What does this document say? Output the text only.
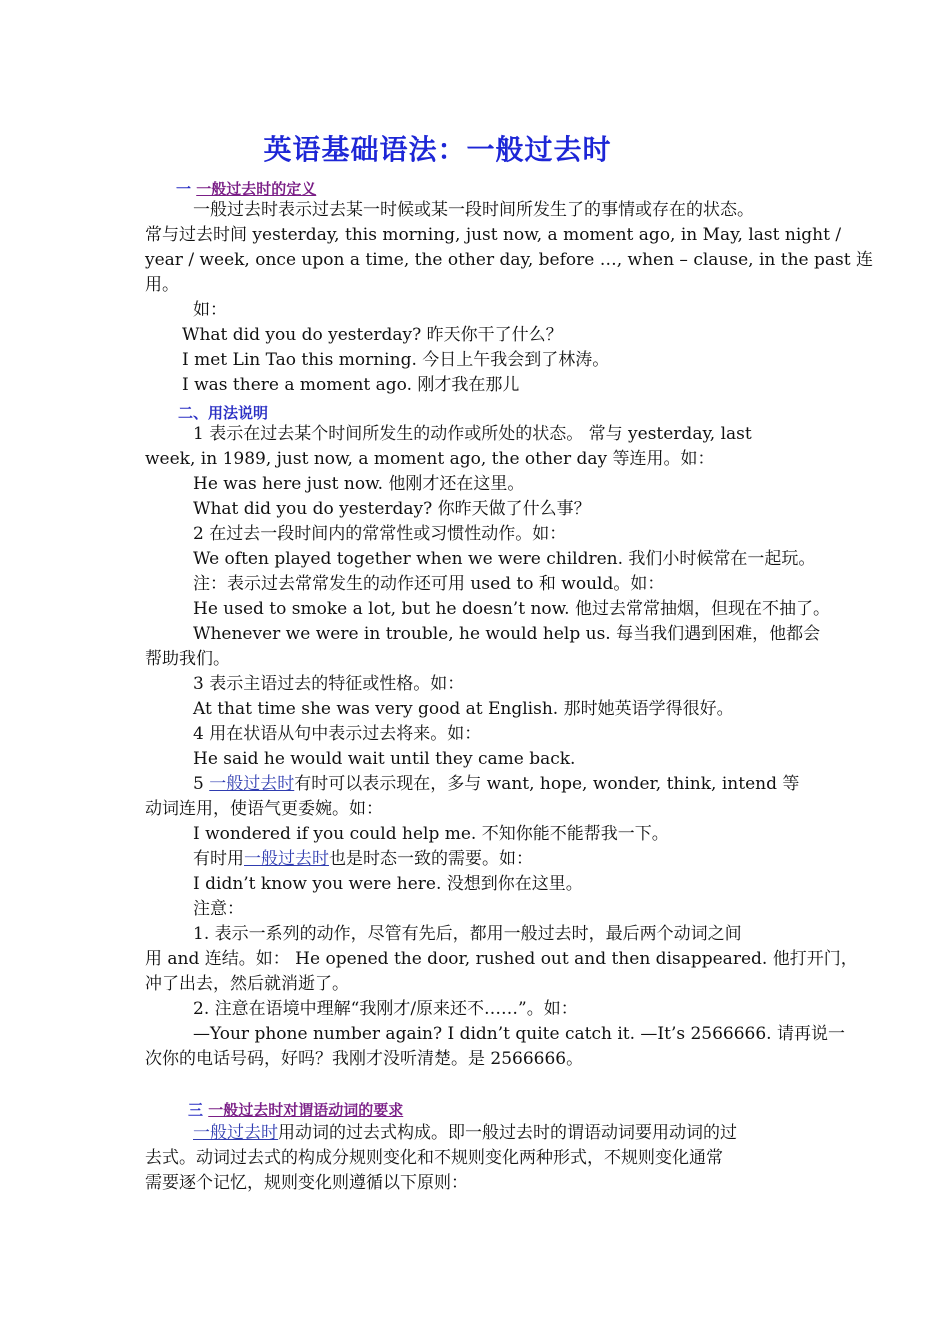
英语基础语法：一般过去时
一 一般过去时的定义
一般过去时表示过去某一时候或某一段时间所发生了的事情或存在的状态。
常与过去时间 yesterday, this morning, just now, a moment ago, in May, last night /
year / week, once upon a time, the other day, before …, when – clause, in the past 连
用。
如：
What did you do yesterday? 昨天你干了什么？
I met Lin Tao this morning. 今日上午我会到了林涛。
I was there a moment ago. 刚才我在那儿
二、用法说明
1 表示在过去某个时间所发生的动作或所处的状态。 常与 yesterday, last
week, in 1989, just now, a moment ago, the other day 等连用。如：
He was here just now. 他刚才还在这里。
What did you do yesterday? 你昨天做了什么事？
2 在过去一段时间内的常常性或习惯性动作。如：
We often played together when we were children. 我们小时候常在一起玩。
注：表示过去常常发生的动作还可用 used to 和 would。如：
He used to smoke a lot, but he doesn’t now. 他过去常常抽烟，但现在不抽了。
Whenever we were in trouble, he would help us. 每当我们遇到困难，他都会
帮助我们。
3 表示主语过去的特征或性格。如：
At that time she was very good at English. 那时她英语学得很好。
4 用在状语从句中表示过去将来。如：
He said he would wait until they came back.
5 一般过去时有时可以表示现在，多与 want, hope, wonder, think, intend 等
动词连用，使语气更委婉。如：
I wondered if you could help me. 不知你能不能帮我一下。
有时用一般过去时也是时态一致的需要。如：
I didn’t know you were here. 没想到你在这里。
注意：
1. 表示一系列的动作，尽管有先后，都用一般过去时，最后两个动词之间
用 and 连结。如： He opened the door, rushed out and then disappeared. 他打开门，
冲了出去，然后就消逝了。
2. 注意在语境中理解“我刚才/原来还不……”。如：
—Your phone number again? I didn’t quite catch it. —It’s 2566666. 请再说一
次你的电话号码，好吗？我刚才没听清楚。是 2566666。
三 一般过去时对谓语动词的要求
一般过去时用动词的过去式构成。即一般过去时的谓语动词要用动词的过
去式。动词过去式的构成分规则变化和不规则变化两种形式，不规则变化通常
需要逐个记忆，规则变化则遵循以下原则：
